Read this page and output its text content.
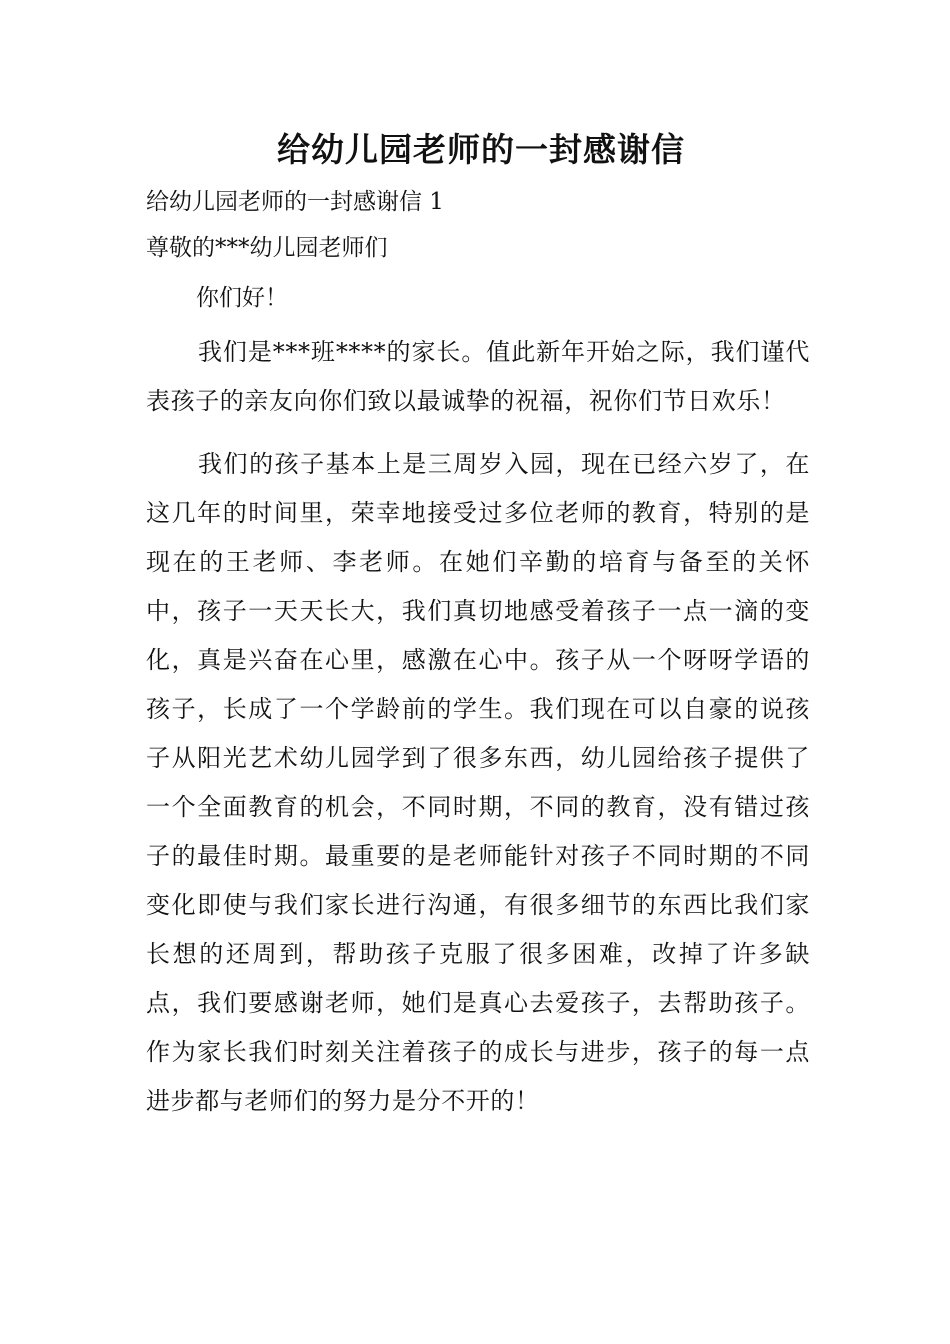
给幼儿园老师的一封感谢信

给幼儿园老师的一封感谢信 1

尊敬的***幼儿园老师们

你们好！

我们是***班****的家长。值此新年开始之际，我们谨代表孩子的亲友向你们致以最诚挚的祝福，祝你们节日欢乐！

我们的孩子基本上是三周岁入园，现在已经六岁了，在这几年的时间里，荣幸地接受过多位老师的教育，特别的是现在的王老师、李老师。在她们辛勤的培育与备至的关怀中，孩子一天天长大，我们真切地感受着孩子一点一滴的变化，真是兴奋在心里，感激在心中。孩子从一个呀呀学语的孩子，长成了一个学龄前的学生。我们现在可以自豪的说孩子从阳光艺术幼儿园学到了很多东西，幼儿园给孩子提供了一个全面教育的机会，不同时期，不同的教育，没有错过孩子的最佳时期。最重要的是老师能针对孩子不同时期的不同变化即使与我们家长进行沟通，有很多细节的东西比我们家长想的还周到，帮助孩子克服了很多困难，改掉了许多缺点，我们要感谢老师，她们是真心去爱孩子，去帮助孩子。作为家长我们时刻关注着孩子的成长与进步，孩子的每一点进步都与老师们的努力是分不开的！
